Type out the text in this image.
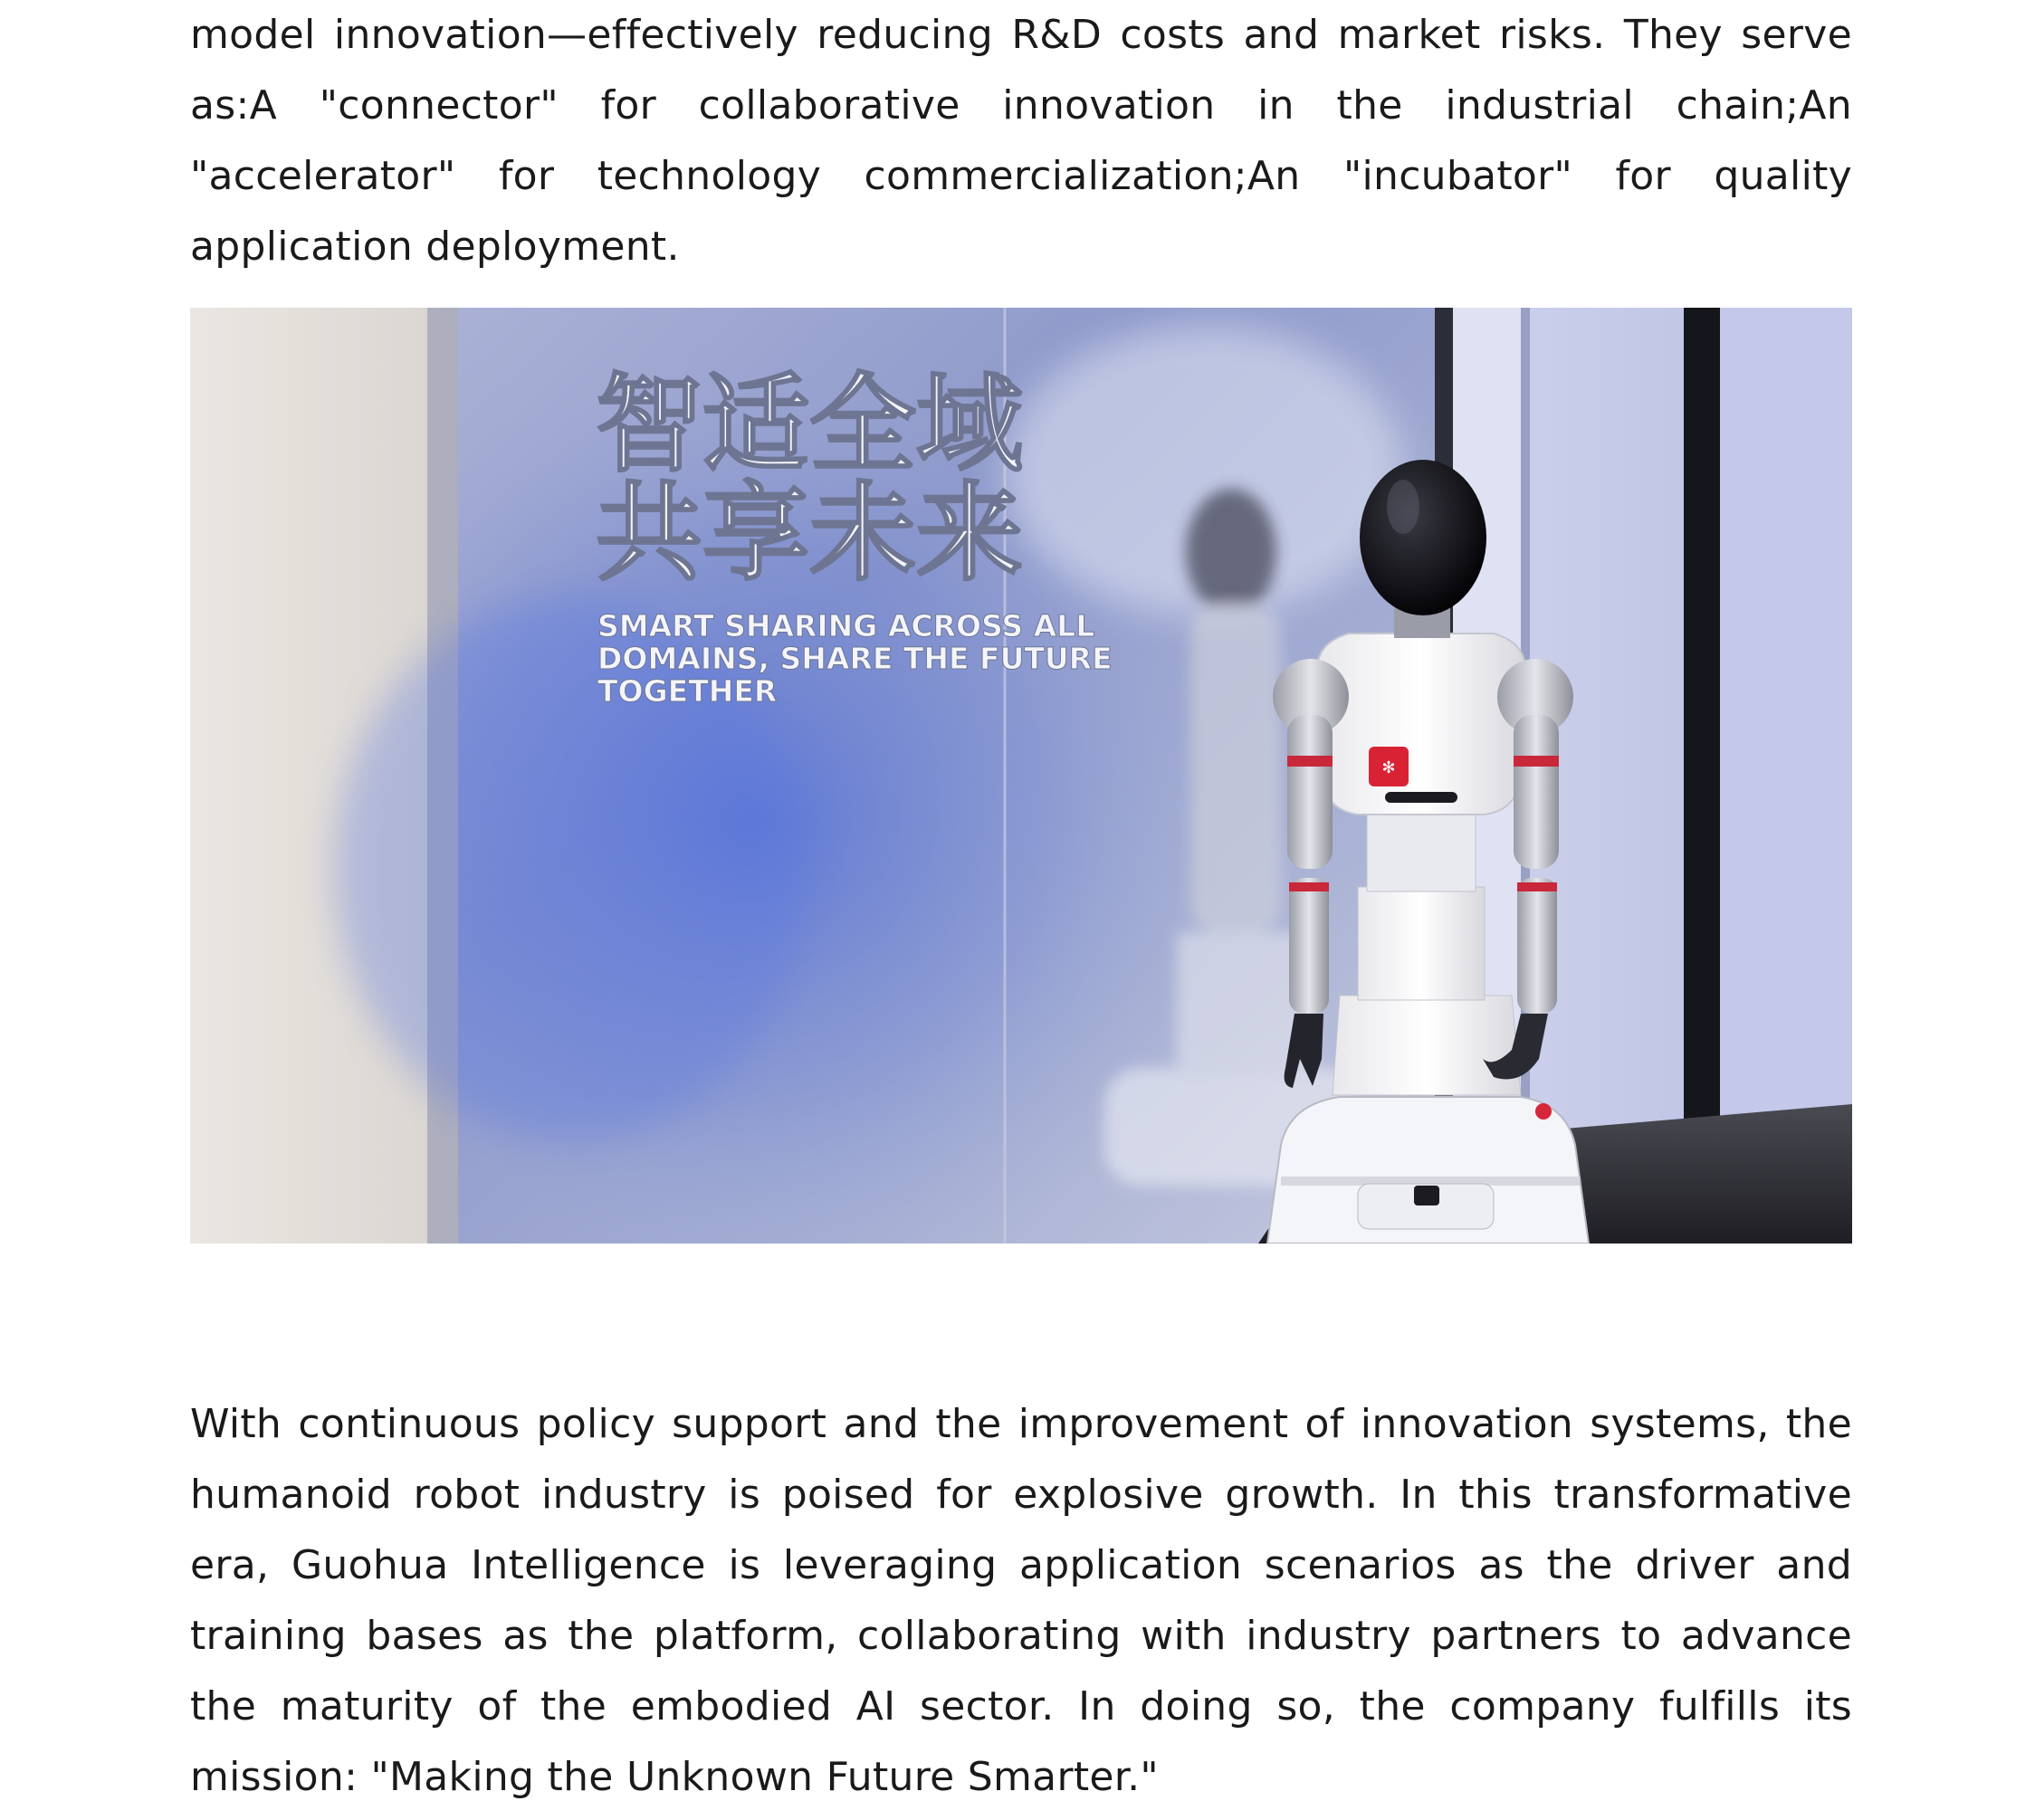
model innovation—effectively reducing R&D costs and market risks. They serve as:A "connector" for collaborative innovation in the industrial chain;An "accelerator" for technology commercialization;An "incubator" for quality application deployment.

智适全域
共享未来
SMART SHARING ACROSS ALL
DOMAINS, SHARE THE FUTURE
TOGETHER
✻

With continuous policy support and the improvement of innovation systems, the humanoid robot industry is poised for explosive growth. In this transformative era, Guohua Intelligence is leveraging application scenarios as the driver and training bases as the platform, collaborating with industry partners to advance the maturity of the embodied AI sector. In doing so, the company fulfills its mission: "Making the Unknown Future Smarter."
